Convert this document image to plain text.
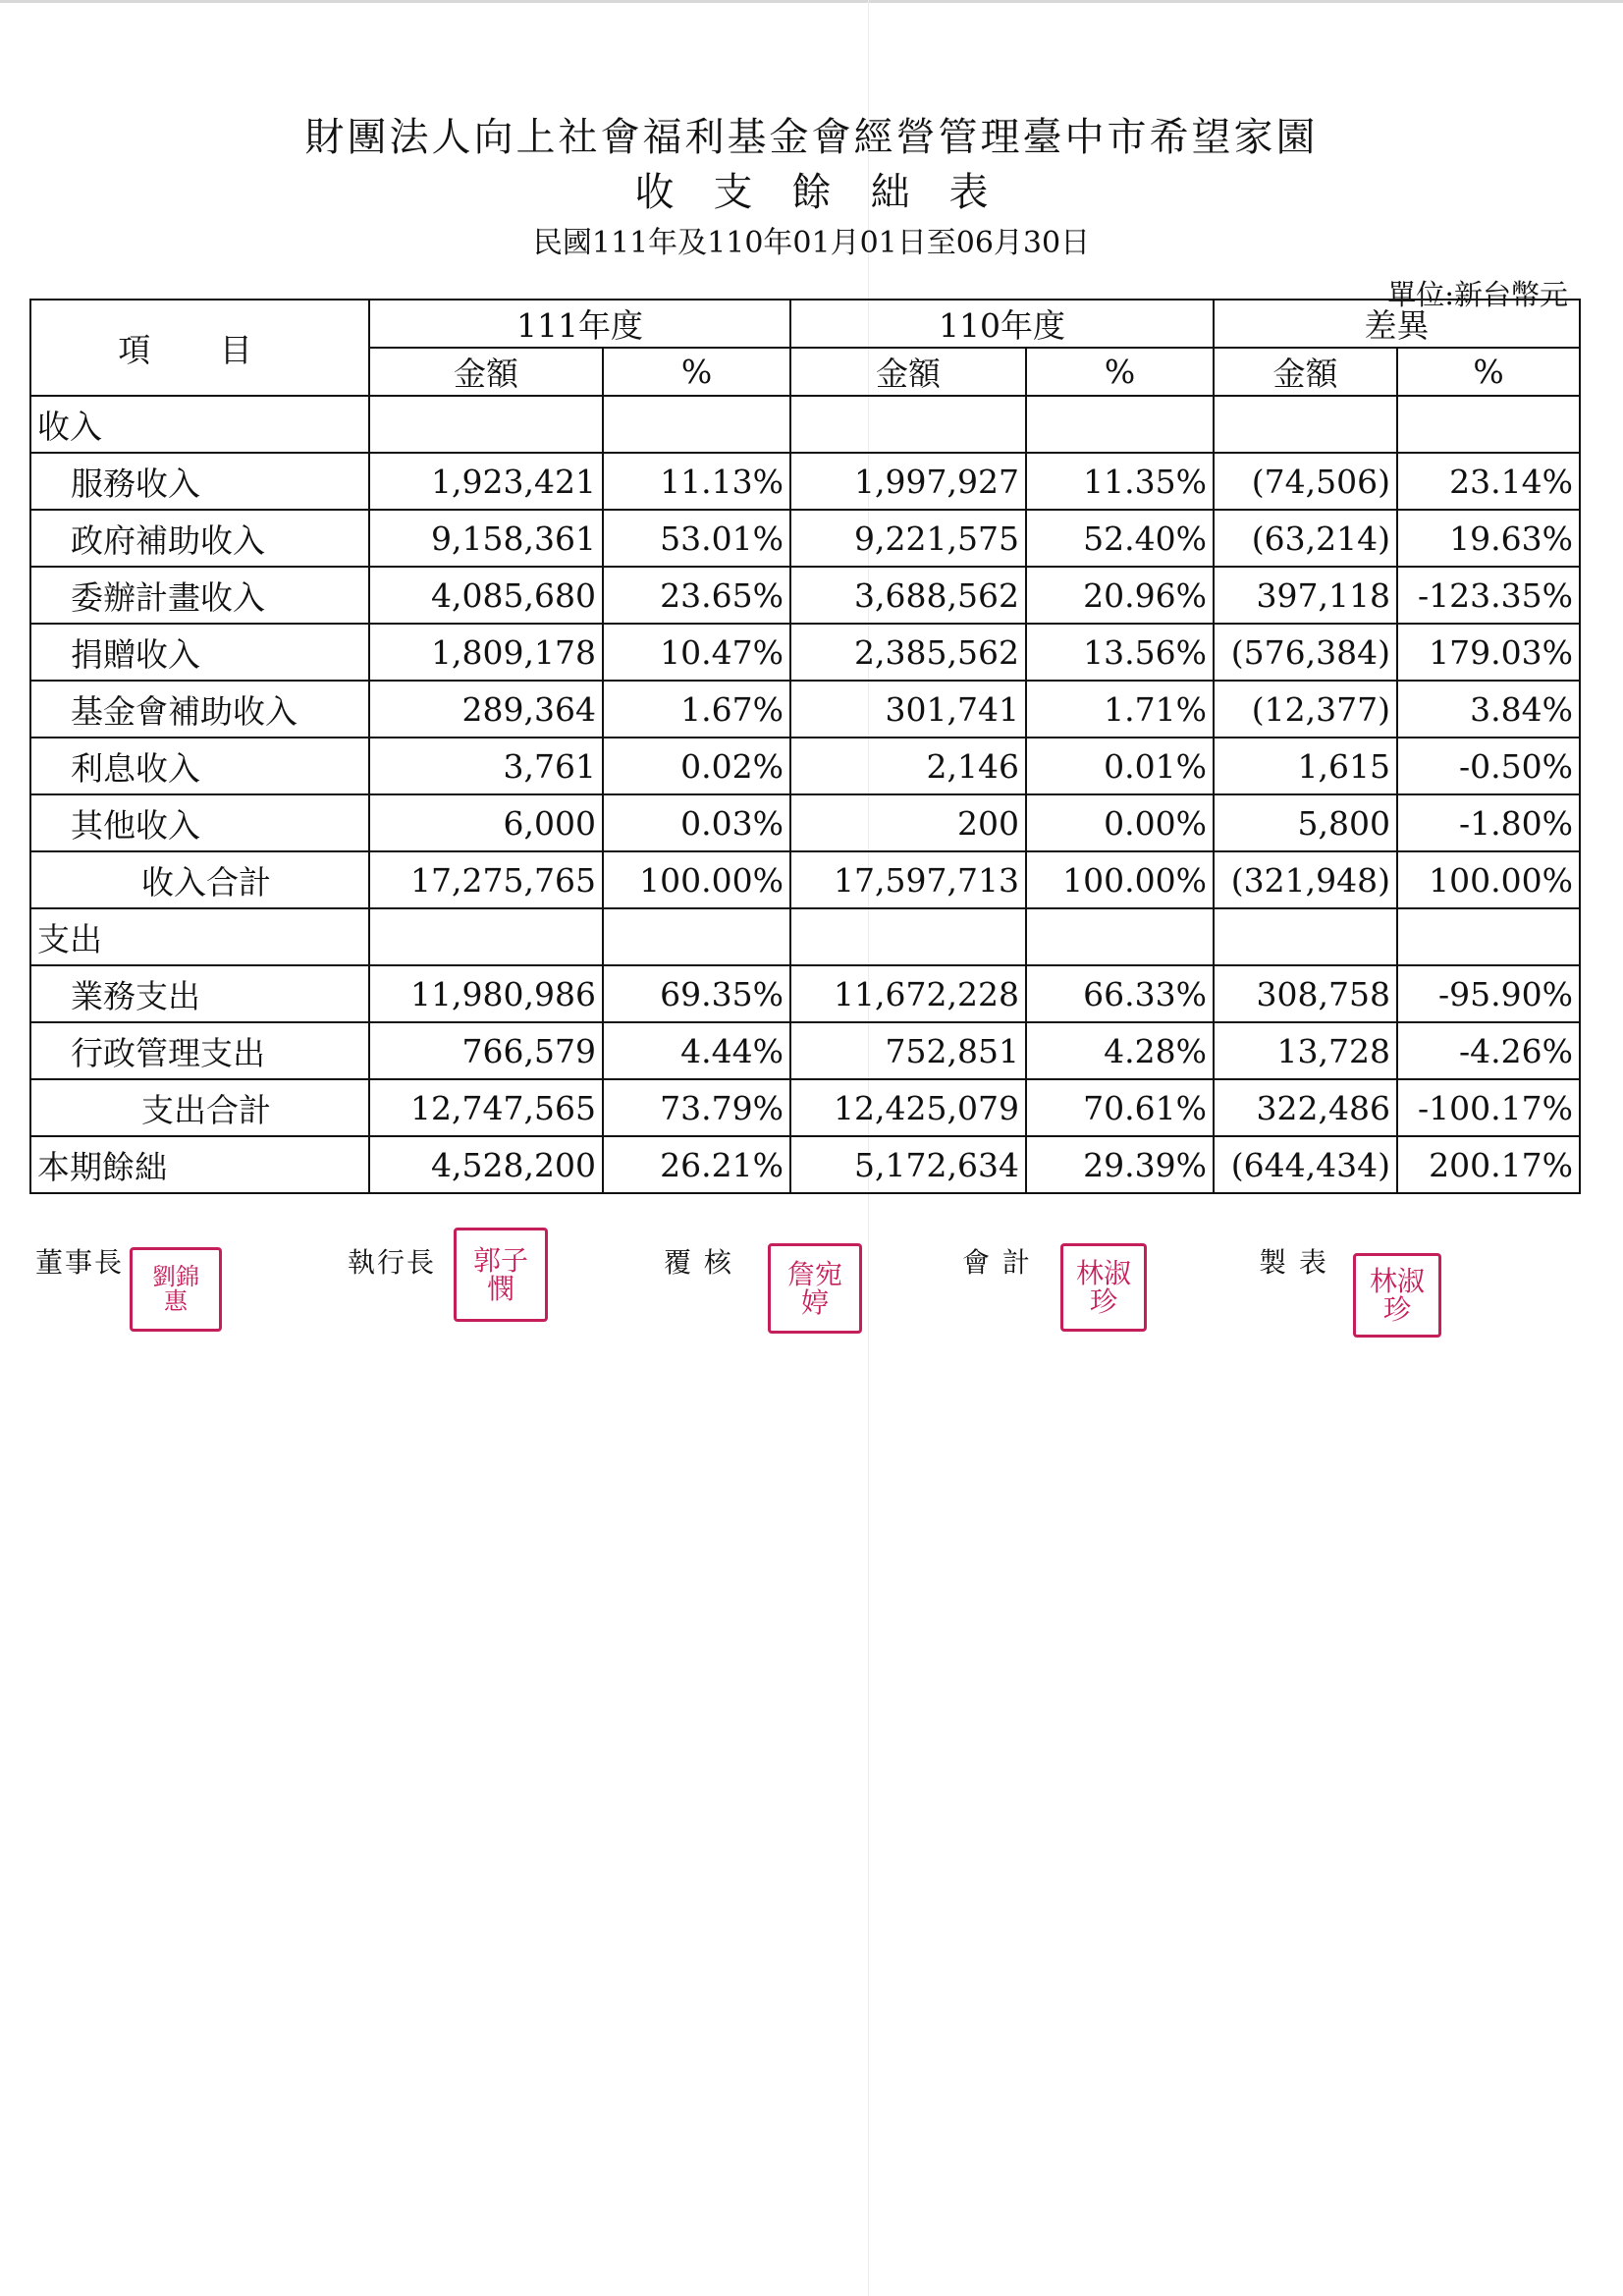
財團法人向上社會福利基金會經營管理臺中市希望家園
收支餘絀表
民國111年及110年01月01日至06月30日
單位:新台幣元
項 目	111年度		110年度		差異	
	金額	%	金額	%	金額	%
收入						
服務收入	1,923,421	11.13%	1,997,927	11.35%	(74,506)	23.14%
政府補助收入	9,158,361	53.01%	9,221,575	52.40%	(63,214)	19.63%
委辦計畫收入	4,085,680	23.65%	3,688,562	20.96%	397,118	-123.35%
捐贈收入	1,809,178	10.47%	2,385,562	13.56%	(576,384)	179.03%
基金會補助收入	289,364	1.67%	301,741	1.71%	(12,377)	3.84%
利息收入	3,761	0.02%	2,146	0.01%	1,615	-0.50%
其他收入	6,000	0.03%	200	0.00%	5,800	-1.80%
收入合計	17,275,765	100.00%	17,597,713	100.00%	(321,948)	100.00%
支出						
業務支出	11,980,986	69.35%	11,672,228	66.33%	308,758	-95.90%
行政管理支出	766,579	4.44%	752,851	4.28%	13,728	-4.26%
支出合計	12,747,565	73.79%	12,425,079	70.61%	322,486	-100.17%
本期餘絀	4,528,200	26.21%	5,172,634	29.39%	(644,434)	200.17%
董事長 劉錦惠
執行長 郭子憫
覆 核 詹宛婷
會 計 林淑珍
製 表
林淑珍
